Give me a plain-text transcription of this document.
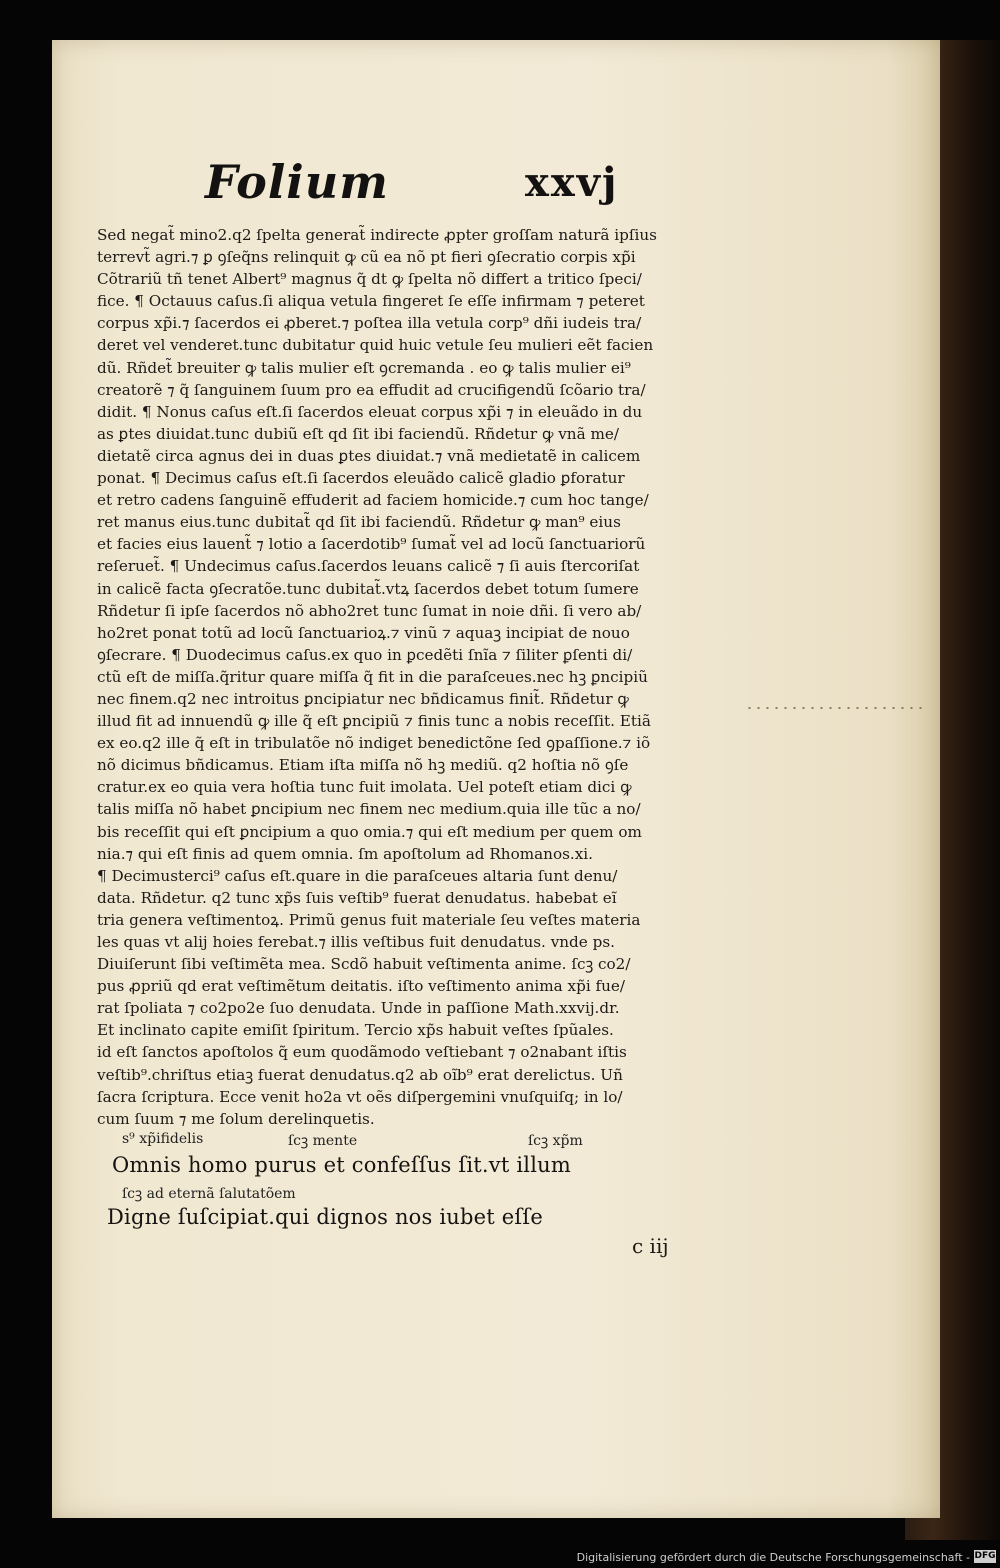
Folium	xxvj
Sed negat̃ mino2.q2 ſpelta generat̃ indirecte ꝓpter groſſam naturã ipſius
terrevt̃ agri.⁊ ꝑ ꝯſeq̃ns relinquit ꝙ cũ ea nõ pt fieri ꝯſecratio corpis xp̃i
Cõtrariũ tñ tenet Albert⁹ magnus q̃ dt ꝙ ſpelta nõ differt a tritico ſpeci/
fice. ¶ Octauus caſus.ſi aliqua vetula fingeret ſe eſſe infirmam ⁊ peteret
corpus xp̃i.⁊ ſacerdos ei ꝓberet.⁊ poſtea illa vetula corp⁹ dñi iudeis tra/
deret vel venderet.tunc dubitatur quid huic vetule ſeu mulieri eẽt facien
dũ. Rñdet̃ breuiter ꝙ talis mulier eſt ꝯcremanda . eo ꝙ talis mulier ei⁹
creatorẽ ⁊ q̃ ſanguinem ſuum pro ea effudit ad crucifigendũ ſcõario tra/
didit. ¶ Nonus caſus eſt.ſi ſacerdos eleuat corpus xp̃i ⁊ in eleuãdo in du
as ꝑtes diuidat.tunc dubiũ eſt qd ſit ibi faciendũ. Rñdetur ꝙ vnã me/
dietatẽ circa agnus dei in duas ꝑtes diuidat.⁊ vnã medietatẽ in calicem
ponat. ¶ Decimus caſus eſt.ſi ſacerdos eleuãdo calicẽ gladio ꝑforatur
et retro cadens ſanguinẽ effuderit ad faciem homicide.⁊ cum hoc tange/
ret manus eius.tunc dubitat̃ qd ſit ibi faciendũ. Rñdetur ꝙ man⁹ eius
et facies eius lauent̃ ⁊ lotio a ſacerdotib⁹ ſumat̃ vel ad locũ ſanctuariorũ
reſeruet̃. ¶ Undecimus caſus.ſacerdos leuans calicẽ ⁊ ſi auis ſtercoriſat
in calicẽ facta ꝯſecratõe.tunc dubitat̃.vtꝝ ſacerdos debet totum ſumere
Rñdetur ſi ipſe ſacerdos nõ abho2ret tunc ſumat in noie dñi. ſi vero ab/
ho2ret ponat totũ ad locũ ſanctuarioꝝ.⁊ vinũ ⁊ aquaꝫ incipiat de nouo
ꝯſecrare. ¶ Duodecimus caſus.ex quo in ꝑcedẽti ſnĩa ⁊ ſiliter ꝑſenti di/
ctũ eſt de miſſa.q̃ritur quare miſſa q̃ fit in die paraſceues.nec hꝫ ꝑncipiũ
nec finem.q2 nec introitus ꝑncipiatur nec bñdicamus finit̃. Rñdetur ꝙ
illud fit ad innuendũ ꝙ ille q̃ eſt ꝑncipiũ ⁊ finis tunc a nobis receſſit. Etiã
ex eo.q2 ille q̃ eſt in tribulatõe nõ indiget benedictõne ſed ꝯpaſſione.⁊ iõ
nõ dicimus bñdicamus. Etiam iſta miſſa nõ hꝫ mediũ. q2 hoſtia nõ ꝯſe
cratur.ex eo quia vera hoſtia tunc fuit imolata. Uel poteſt etiam dici ꝙ
talis miſſa nõ habet ꝑncipium nec finem nec medium.quia ille tũc a no/
bis receſſit qui eſt ꝑncipium a quo omia.⁊ qui eſt medium per quem om
nia.⁊ qui eſt finis ad quem omnia. ſm apoſtolum ad Rhomanos.xi.
¶ Decimusterci⁹ caſus eſt.quare in die paraſceues altaria ſunt denu/
data. Rñdetur. q2 tunc xp̃s ſuis veſtib⁹ fuerat denudatus. habebat eĩ
tria genera veſtimentoꝝ. Primũ genus fuit materiale ſeu veſtes materia
les quas vt alij hoies ferebat.⁊ illis veſtibus fuit denudatus. vnde ps.
Diuiſerunt ſibi veſtimẽta mea. Scdõ habuit veſtimenta anime. ſcꝫ co2/
pus ꝓpriũ qd erat veſtimẽtum deitatis. iſto veſtimento anima xp̃i fue/
rat ſpoliata ⁊ co2po2e ſuo denudata. Unde in paſſione Math.xxvij.dr.
Et inclinato capite emiſit ſpiritum. Tercio xp̃s habuit veſtes ſpũales.
id eſt ſanctos apoſtolos q̃ eum quodãmodo veſtiebant ⁊ o2nabant iſtis
veſtib⁹.chriſtus etiaꝫ fuerat denudatus.q2 ab oĩb⁹ erat derelictus. Uñ
ſacra ſcriptura. Ecce venit ho2a vt oẽs diſpergemini vnuſquiſq; in lo/
cum ſuum ⁊ me ſolum derelinquetis.
s⁹ xp̃ifidelis	ſcꝫ mente	ſcꝫ xp̃m
Omnis homo purus et confeſſus ſit.vt illum
ſcꝫ ad eternã ſalutatõem
Digne ſuſcipiat.qui dignos nos iubet eſſe
c iij
Digitalisierung gefördert durch die Deutsche Forschungsgemeinschaft - DFG
